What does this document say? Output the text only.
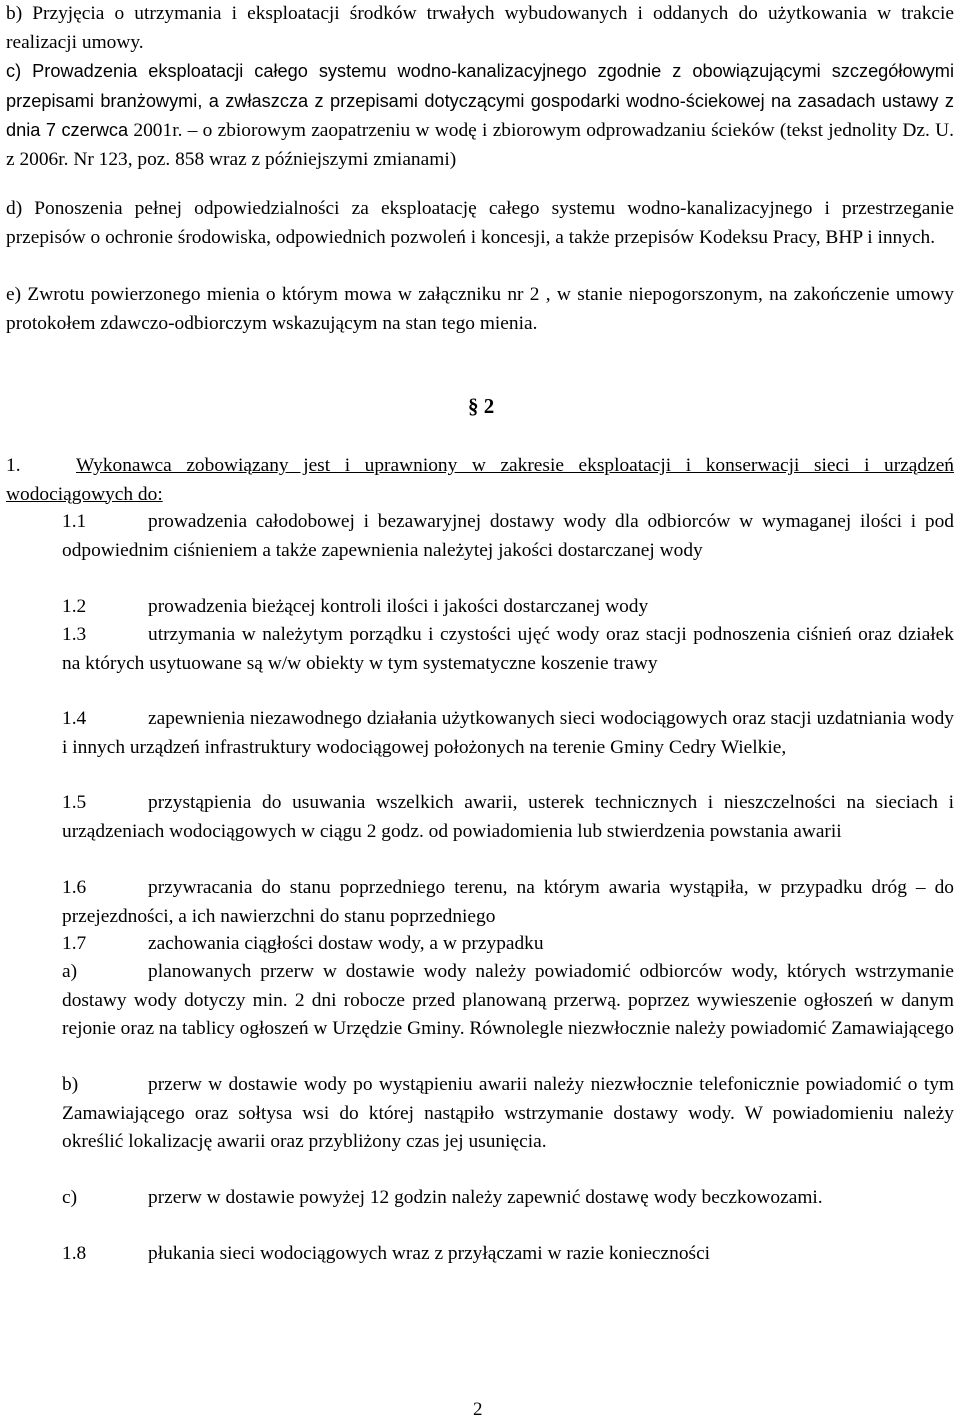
b) Przyjęcia o utrzymania i eksploatacji środków trwałych wybudowanych i oddanych do użytkowania w trakcie realizacji umowy.

c) Prowadzenia eksploatacji całego systemu wodno-kanalizacyjnego zgodnie z obowiązującymi szczegółowymi przepisami branżowymi, a zwłaszcza z przepisami dotyczącymi gospodarki wodno-ściekowej na zasadach ustawy z dnia 7 czerwca 2001r. – o zbiorowym zaopatrzeniu w wodę i zbiorowym odprowadzaniu ścieków (tekst jednolity Dz. U. z 2006r. Nr 123, poz. 858 wraz z późniejszymi zmianami)

d) Ponoszenia pełnej odpowiedzialności za eksploatację całego systemu wodno-kanalizacyjnego i przestrzeganie przepisów o ochronie środowiska, odpowiednich pozwoleń i koncesji, a także przepisów Kodeksu Pracy, BHP i innych.

e) Zwrotu powierzonego mienia o którym mowa w załączniku nr 2 , w stanie niepogorszonym, na zakończenie umowy protokołem zdawczo-odbiorczym wskazującym na stan tego mienia.

§ 2

1.	Wykonawca zobowiązany jest i uprawniony w zakresie eksploatacji i konserwacji sieci i urządzeń wodociągowych do:

1.1	prowadzenia całodobowej i bezawaryjnej dostawy wody dla odbiorców w wymaganej ilości i pod odpowiednim ciśnieniem a także zapewnienia należytej jakości dostarczanej wody

1.2	prowadzenia bieżącej kontroli ilości i jakości dostarczanej wody

1.3	utrzymania w należytym porządku i czystości ujęć wody oraz stacji podnoszenia ciśnień oraz działek na których usytuowane są w/w obiekty w tym systematyczne koszenie trawy

1.4	zapewnienia niezawodnego działania użytkowanych sieci wodociągowych oraz stacji uzdatniania wody i innych urządzeń infrastruktury wodociągowej położonych na terenie Gminy Cedry Wielkie,

1.5	przystąpienia do usuwania wszelkich awarii, usterek technicznych i nieszczelności na sieciach i urządzeniach wodociągowych w ciągu 2 godz. od powiadomienia lub stwierdzenia powstania awarii

1.6	przywracania do stanu poprzedniego terenu, na którym awaria wystąpiła, w przypadku dróg – do przejezdności, a ich nawierzchni do stanu poprzedniego

1.7	zachowania ciągłości dostaw wody, a w przypadku

a)	planowanych przerw w dostawie wody należy powiadomić odbiorców wody, których wstrzymanie dostawy wody dotyczy min. 2 dni robocze przed planowaną przerwą. poprzez wywieszenie ogłoszeń w danym rejonie oraz na tablicy ogłoszeń w Urzędzie Gminy. Równolegle niezwłocznie należy powiadomić Zamawiającego

b)	przerw w dostawie wody po wystąpieniu awarii należy niezwłocznie telefonicznie powiadomić o tym Zamawiającego oraz sołtysa wsi do której nastąpiło wstrzymanie dostawy wody. W powiadomieniu należy określić lokalizację awarii oraz przybliżony czas jej usunięcia.

c)	przerw w dostawie powyżej 12 godzin należy zapewnić dostawę wody beczkowozami.

1.8	płukania sieci wodociągowych wraz z przyłączami w razie konieczności

2
